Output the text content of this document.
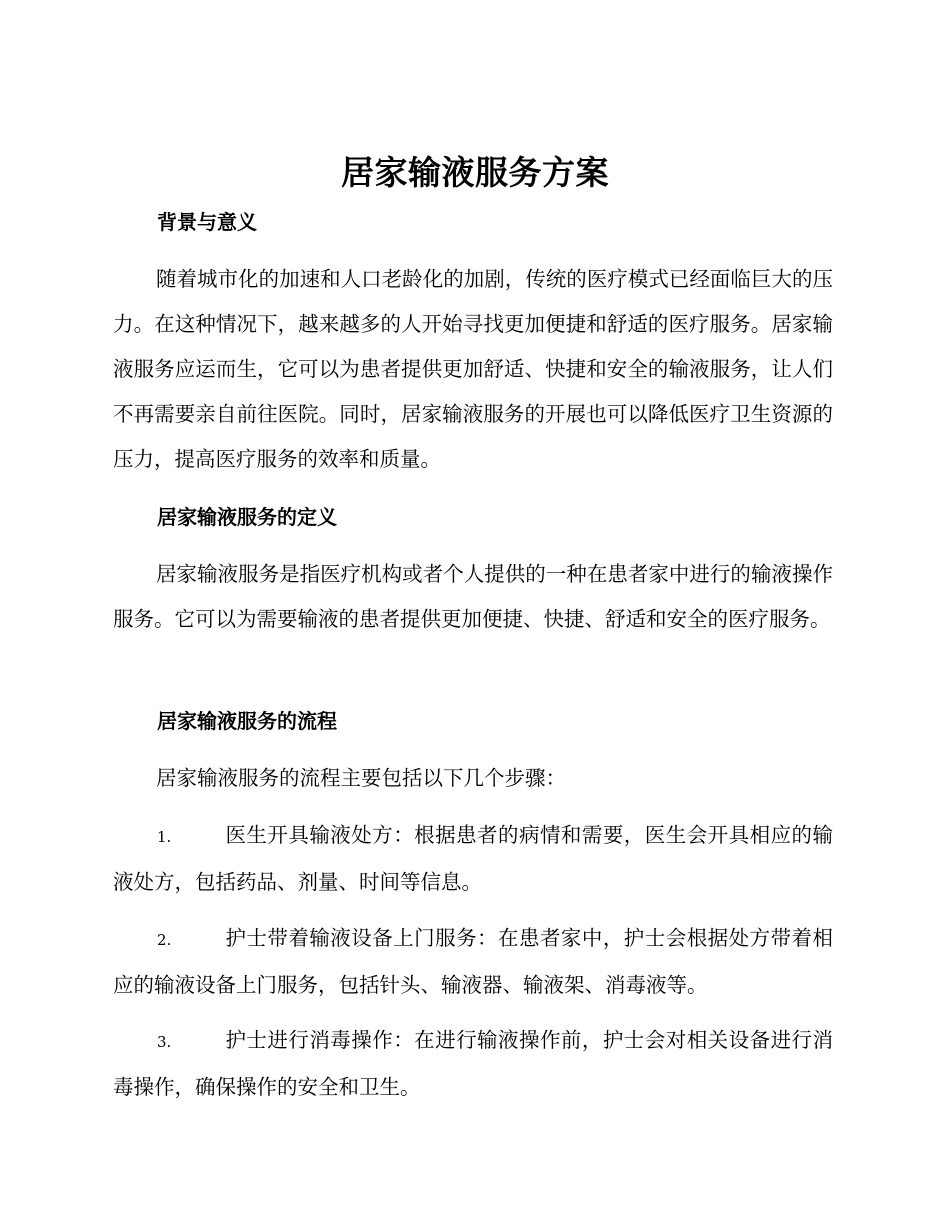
居家输液服务方案
背景与意义
随着城市化的加速和人口老龄化的加剧，传统的医疗模式已经面临巨大的压力。在这种情况下，越来越多的人开始寻找更加便捷和舒适的医疗服务。居家输液服务应运而生，它可以为患者提供更加舒适、快捷和安全的输液服务，让人们不再需要亲自前往医院。同时，居家输液服务的开展也可以降低医疗卫生资源的压力，提高医疗服务的效率和质量。
居家输液服务的定义
居家输液服务是指医疗机构或者个人提供的一种在患者家中进行的输液操作服务。它可以为需要输液的患者提供更加便捷、快捷、舒适和安全的医疗服务。
居家输液服务的流程
居家输液服务的流程主要包括以下几个步骤：
1.	医生开具输液处方：根据患者的病情和需要，医生会开具相应的输液处方，包括药品、剂量、时间等信息。
2.	护士带着输液设备上门服务：在患者家中，护士会根据处方带着相应的输液设备上门服务，包括针头、输液器、输液架、消毒液等。
3.	护士进行消毒操作：在进行输液操作前，护士会对相关设备进行消毒操作，确保操作的安全和卫生。
